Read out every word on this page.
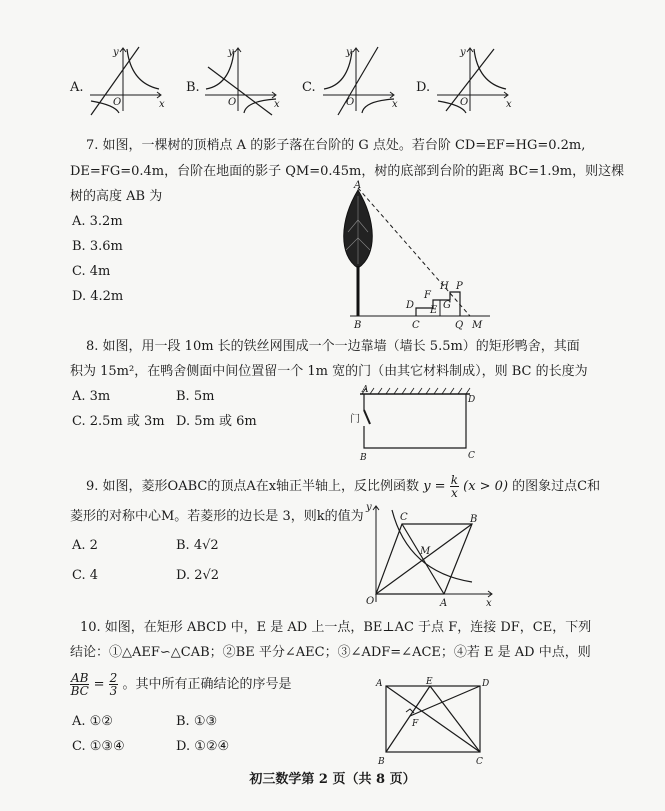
A.
y
x
O
B.
y
x
O
C.
y
x
O
D.
y
x
O
7. 如图，一棵树的顶梢点 A 的影子落在台阶的 G 点处。若台阶 CD=EF=HG=0.2m,
DE=FG=0.4m，台阶在地面的影子 QM=0.45m，树的底部到台阶的距离 BC=1.9m，则这棵
树的高度 AB 为
A. 3.2m
B. 3.6m
C. 4m
D. 4.2m
A
B	C
D E
F
G
H P
Q M
8. 如图，用一段 10m 长的铁丝网围成一个一边靠墙（墙长 5.5m）的矩形鸭舍，其面
积为 15m²，在鸭舍侧面中间位置留一个 1m 宽的门（由其它材料制成），则 BC 的长度为
A. 3m	B. 5m
C. 2.5m 或 3m D. 5m 或 6m
A
D
B	C
门
9. 如图，菱形OABC的顶点A在x轴正半轴上，反比例函数 $y = \frac{k}{x} (x > 0)$ 的图象过点C和
菱形的对称中心M。若菱形的边长是 3，则k的值为
A. 2	B. 4√2
C. 4	D. 2√2
O	A
B
C
M
x
y
10. 如图，在矩形 ABCD 中，E 是 AD 上一点，BE⊥AC 于点 F，连接 DF，CE，下列
结论：①△AEF∽△CAB；②BE 平分∠AEC；③∠ADF=∠ACE；④若 E 是 AD 中点，则
$\frac{AB}{BC} = \frac{2}{3}$ 。其中所有正确结论的序号是
A. ①②	B. ①③
C. ①③④	D. ①②④
A	E	D
F
B	C
初三数学第 2 页（共 8 页）
